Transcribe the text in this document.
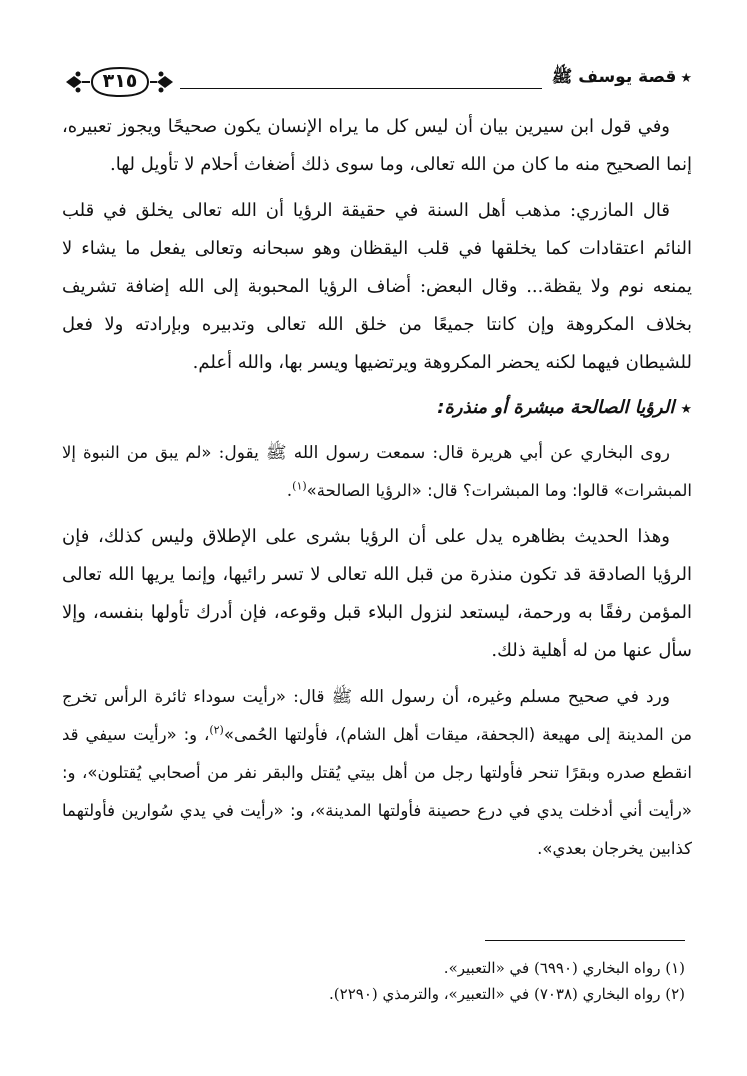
★قصة يوسف ﷺ
٣١٥

وفي قول ابن سيرين بيان أن ليس كل ما يراه الإنسان يكون صحيحًا ويجوز تعبيره، إنما الصحيح منه ما كان من الله تعالى، وما سوى ذلك أضغاث أحلام لا تأويل لها.

قال المازري: مذهب أهل السنة في حقيقة الرؤيا أن الله تعالى يخلق في قلب النائم اعتقادات كما يخلقها في قلب اليقظان وهو سبحانه وتعالى يفعل ما يشاء لا يمنعه نوم ولا يقظة... وقال البعض: أضاف الرؤيا المحبوبة إلى الله إضافة تشريف بخلاف المكروهة وإن كانتا جميعًا من خلق الله تعالى وتدبيره وبإرادته ولا فعل للشيطان فيهما لكنه يحضر المكروهة ويرتضيها ويسر بها، والله أعلم.

★الرؤيا الصالحة مبشرة أو منذرة:

روى البخاري عن أبي هريرة قال: سمعت رسول الله ﷺ يقول: «لم يبق من النبوة إلا المبشرات» قالوا: وما المبشرات؟ قال: «الرؤيا الصالحة»$^{(١)}$.

وهذا الحديث بظاهره يدل على أن الرؤيا بشرى على الإطلاق وليس كذلك، فإن الرؤيا الصادقة قد تكون منذرة من قبل الله تعالى لا تسر رائيها، وإنما يريها الله تعالى المؤمن رفقًا به ورحمة، ليستعد لنزول البلاء قبل وقوعه، فإن أدرك تأولها بنفسه، وإلا سأل عنها من له أهلية ذلك.

ورد في صحيح مسلم وغيره، أن رسول الله ﷺ قال: «رأيت سوداء ثائرة الرأس تخرج من المدينة إلى مهيعة (الجحفة، ميقات أهل الشام)، فأولتها الحُمى»$^{(٢)}$، و: «رأيت سيفي قد انقطع صدره وبقرًا تنحر فأولتها رجل من أهل بيتي يُقتل والبقر نفر من أصحابي يُقتلون»، و: «رأيت أني أدخلت يدي في درع حصينة فأولتها المدينة»، و: «رأيت في يدي سُوارين فأولتهما كذابين يخرجان بعدي».

(١) رواه البخاري (٦٩٩٠) في «التعبير».

(٢) رواه البخاري (٧٠٣٨) في «التعبير»، والترمذي (٢٢٩٠).
